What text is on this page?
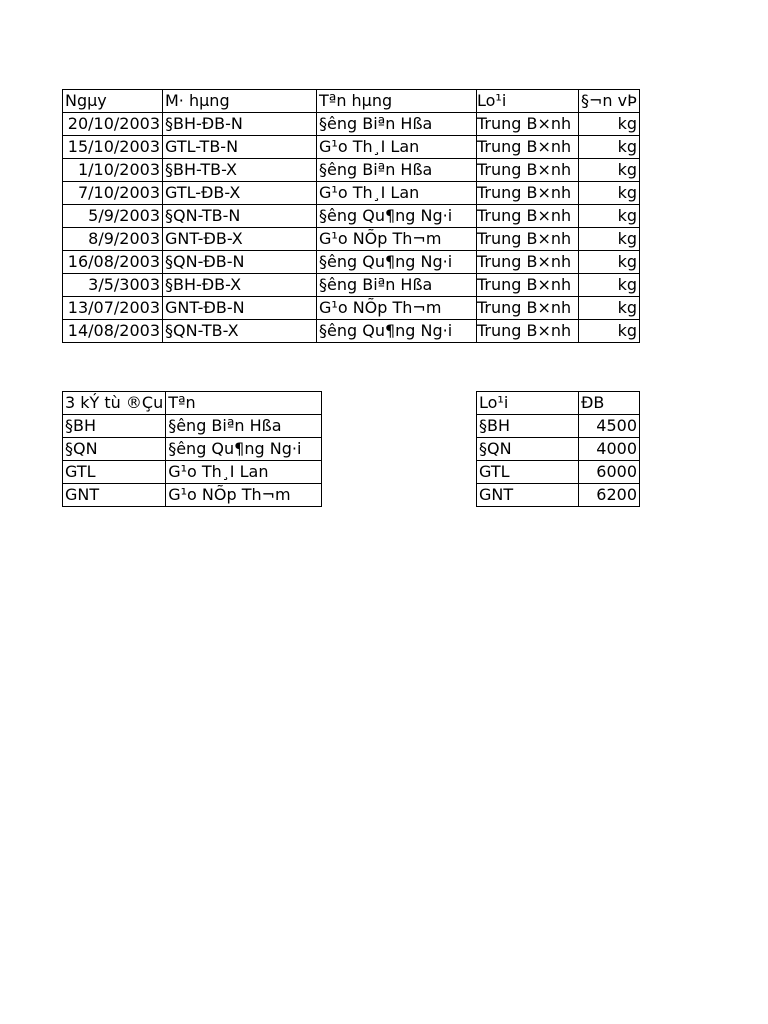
Ngµy	M· hµng	Tªn hµng	Lo¹i	§¬n vÞ
20/10/2003	§BH-ĐB-N	§êng Biªn Hßa	Trung B×nh	kg
15/10/2003	GTL-TB-N	G¹o Th¸I Lan	Trung B×nh	kg
1/10/2003	§BH-TB-X	§êng Biªn Hßa	Trung B×nh	kg
7/10/2003	GTL-ĐB-X	G¹o Th¸I Lan	Trung B×nh	kg
5/9/2003	§QN-TB-N	§êng Qu¶ng Ng·i	Trung B×nh	kg
8/9/2003	GNT-ĐB-X	G¹o NÕp Th¬m	Trung B×nh	kg
16/08/2003	§QN-ĐB-N	§êng Qu¶ng Ng·i	Trung B×nh	kg
3/5/3003	§BH-ĐB-X	§êng Biªn Hßa	Trung B×nh	kg
13/07/2003	GNT-ĐB-N	G¹o NÕp Th¬m	Trung B×nh	kg
14/08/2003	§QN-TB-X	§êng Qu¶ng Ng·i	Trung B×nh	kg
3 kÝ tù ®Çu	Tªn
§BH	§êng Biªn Hßa
§QN	§êng Qu¶ng Ng·i
GTL	G¹o Th¸I Lan
GNT	G¹o NÕp Th¬m
Lo¹i	ĐB
§BH	4500
§QN	4000
GTL	6000
GNT	6200
